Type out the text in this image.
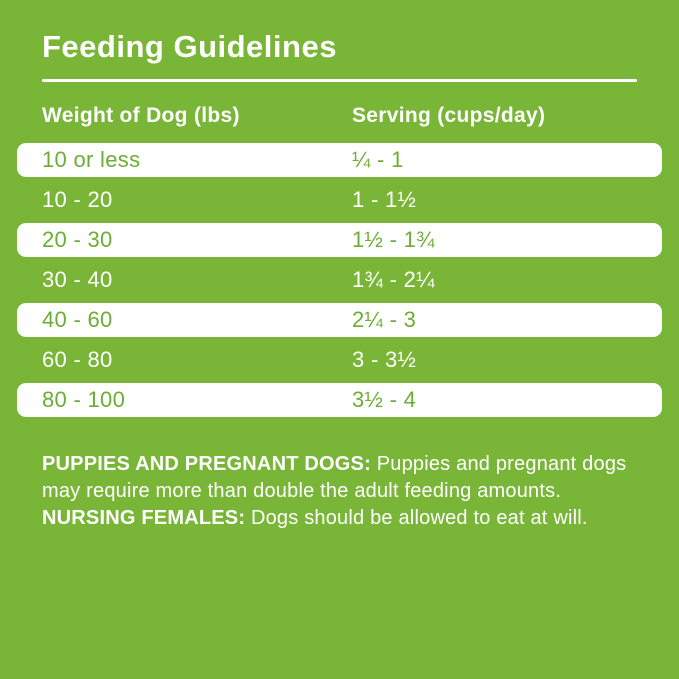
Feeding Guidelines
Weight of Dog (lbs)	Serving (cups/day)
10 or less	¼ - 1
10 - 20	1 - 1½
20 - 30	1½ - 1¾
30 - 40	1¾ - 2¼
40 - 60	2¼ - 3
60 - 80	3 - 3½
80 - 100	3½ - 4

PUPPIES AND PREGNANT DOGS: Puppies and pregnant dogs may require more than double the adult feeding amounts. NURSING FEMALES: Dogs should be allowed to eat at will.
